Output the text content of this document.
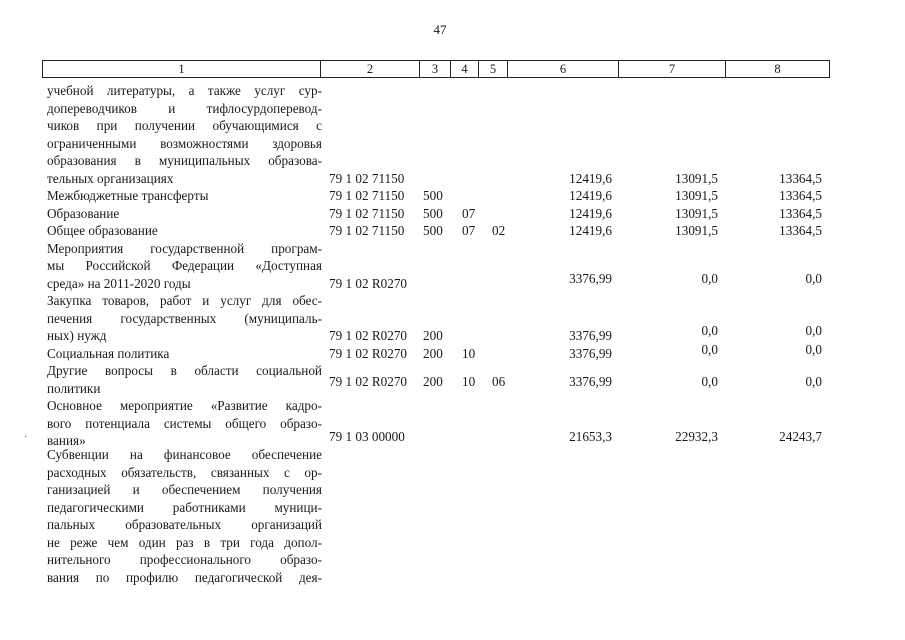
47
1	2	3	4	5	6	7	8
учебной литературы, а также услуг сур-
допереводчиков и тифлосурдоперевод-
чиков при получении обучающимися с
ограниченными возможностями здоровья
образования в муниципальных образова-
тельных организациях	79 1 02 71150	12419,6	13091,5	13364,5
Межбюджетные трансферты	79 1 02 71150 500	12419,6	13091,5	13364,5
Образование	79 1 02 71150 500 07	12419,6	13091,5	13364,5
Общее образование	79 1 02 71150 500 07 02	12419,6	13091,5	13364,5
Мероприятия государственной програм-
мы Российской Федерации «Доступная
среда» на 2011-2020 годы	79 1 02 R0270	3376,99	0,0	0,0
Закупка товаров, работ и услуг для обес-
печения государственных (муниципаль-
ных) нужд	79 1 02 R0270 200	3376,99	0,0	0,0
Социальная политика	79 1 02 R0270 200 10	3376,99	0,0	0,0
Другие вопросы в области социальной
политики	79 1 02 R0270 200 10 06	3376,99	0,0	0,0
Основное мероприятие «Развитие кадро-
вого потенциала системы общего образо-
вания»	79 1 03 00000	21653,3	22932,3	24243,7
Субвенции на финансовое обеспечение
расходных обязательств, связанных с ор-
ганизацией и обеспечением получения
педагогическими работниками муници-
пальных образовательных организаций
не реже чем один раз в три года допол-
нительного профессионального образо-
вания по профилю педагогической дея-
·
